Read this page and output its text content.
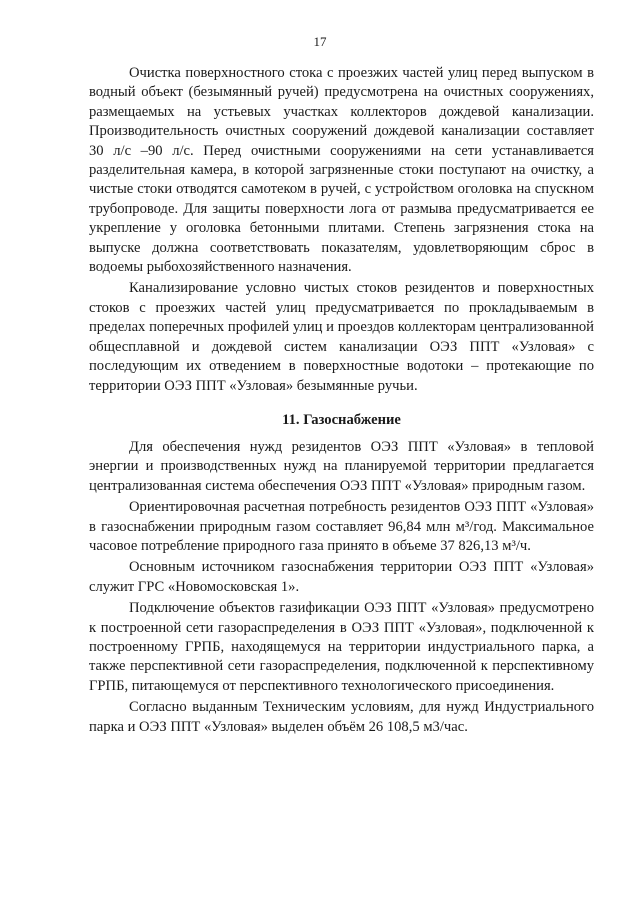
17

Очистка поверхностного стока с проезжих частей улиц перед выпуском в водный объект (безымянный ручей) предусмотрена на очистных сооружениях, размещаемых на устьевых участках коллекторов дождевой канализации. Производительность очистных сооружений дождевой канализации составляет 30 л/с –90 л/с. Перед очистными сооружениями на сети устанавливается разделительная камера, в которой загрязненные стоки поступают на очистку, а чистые стоки отводятся самотеком в ручей, с устройством оголовка на спускном трубопроводе. Для защиты поверхности лога от размыва предусматривается ее укрепление у оголовка бетонными плитами. Степень загрязнения стока на выпуске должна соответствовать показателям, удовлетворяющим сброс в водоемы рыбохозяйственного назначения.

Канализирование условно чистых стоков резидентов и поверхностных стоков с проезжих частей улиц предусматривается по прокладываемым в пределах поперечных профилей улиц и проездов коллекторам централизованной общесплавной и дождевой систем канализации ОЭЗ ППТ «Узловая» с последующим их отведением в поверхностные водотоки – протекающие по территории ОЭЗ ППТ «Узловая» безымянные ручьи.

11. Газоснабжение

Для обеспечения нужд резидентов ОЭЗ ППТ «Узловая» в тепловой энергии и производственных нужд на планируемой территории предлагается централизованная система обеспечения ОЭЗ ППТ «Узловая» природным газом.

Ориентировочная расчетная потребность резидентов ОЭЗ ППТ «Узловая» в газоснабжении природным газом составляет 96,84 млн м³/год. Максимальное часовое потребление природного газа принято в объеме 37 826,13 м³/ч.

Основным источником газоснабжения территории ОЭЗ ППТ «Узловая» служит ГРС «Новомосковская 1».

Подключение объектов газификации ОЭЗ ППТ «Узловая» предусмотрено к построенной сети газораспределения в ОЭЗ ППТ «Узловая», подключенной к построенному ГРПБ, находящемуся на территории индустриального парка, а также перспективной сети газораспределения, подключенной к перспективному ГРПБ, питающемуся от перспективного технологического присоединения.

Согласно выданным Техническим условиям, для нужд Индустриального парка и ОЭЗ ППТ «Узловая» выделен объём 26 108,5 м3/час.
